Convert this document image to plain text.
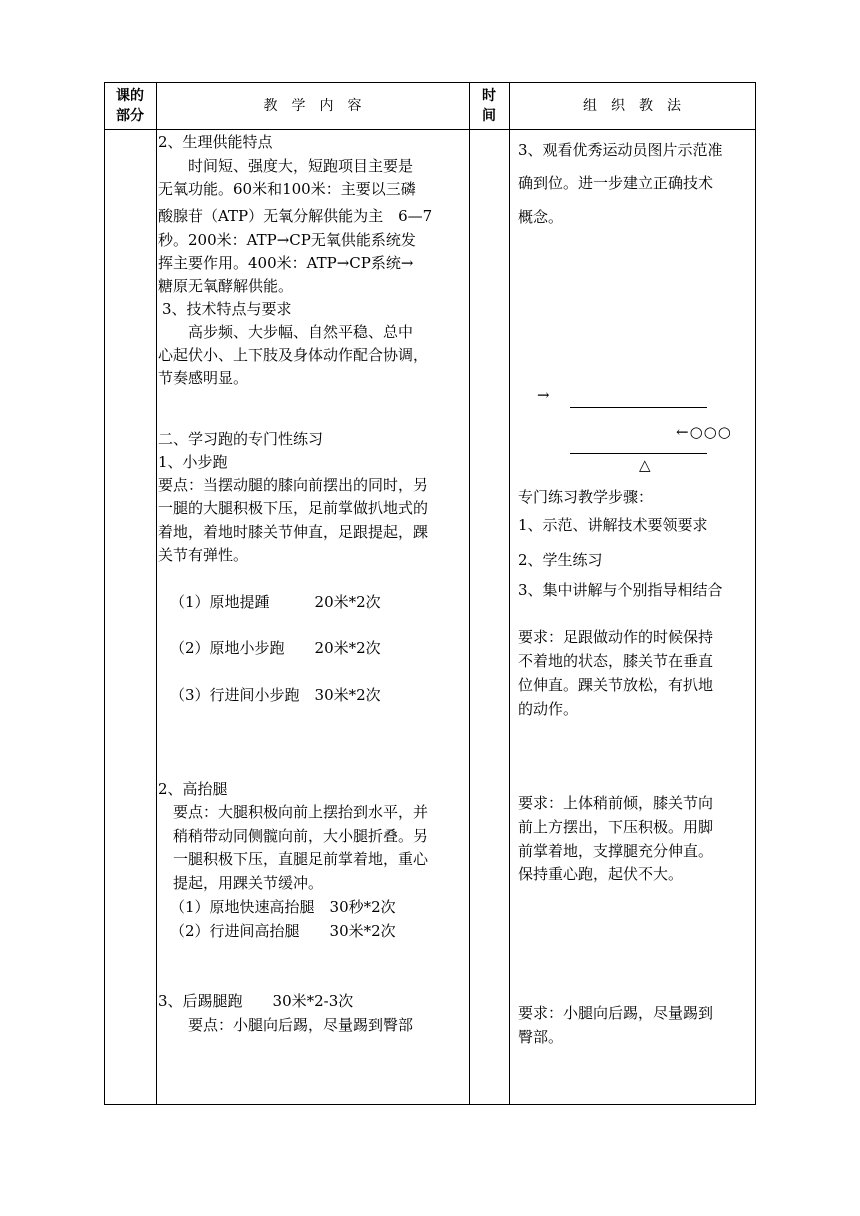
课的
部分
教　学　内　容
时
间
组　织　教　法
2、生理供能特点
　　时间短、强度大，短跑项目主要是
无氧功能。60米和100米：主要以三磷
酸腺苷（ATP）无氧分解供能为主　6—7
秒。200米：ATP→CP无氧供能系统发
挥主要作用。400米：ATP→CP系统→
糖原无氧酵解供能。
3、技术特点与要求
　　高步频、大步幅、自然平稳、总中
心起伏小、上下肢及身体动作配合协调，
节奏感明显。
二、学习跑的专门性练习
1、小步跑
要点：当摆动腿的膝向前摆出的同时，另
一腿的大腿积极下压，足前掌做扒地式的
着地，着地时膝关节伸直，足跟提起，踝
关节有弹性。
（1）原地提踵　　　20米*2次
（2）原地小步跑　　20米*2次
（3）行进间小步跑　30米*2次
2、高抬腿
　要点：大腿积极向前上摆抬到水平，并
　稍稍带动同侧髋向前，大小腿折叠。另
　一腿积极下压，直腿足前掌着地，重心
　提起，用踝关节缓冲。
（1）原地快速高抬腿　30秒*2次
（2）行进间高抬腿　　30米*2次
3、后踢腿跑　　30米*2-3次
　　要点：小腿向后踢，尽量踢到臀部
3、观看优秀运动员图片示范准
确到位。进一步建立正确技术
概念。
→
←○○○
△
专门练习教学步骤：
1、示范、讲解技术要领要求
2、学生练习
3、集中讲解与个别指导相结合
要求：足跟做动作的时候保持
不着地的状态，膝关节在垂直
位伸直。踝关节放松，有扒地
的动作。
要求：上体稍前倾，膝关节向
前上方摆出，下压积极。用脚
前掌着地，支撑腿充分伸直。
保持重心跑，起伏不大。
要求：小腿向后踢，尽量踢到
臀部。
